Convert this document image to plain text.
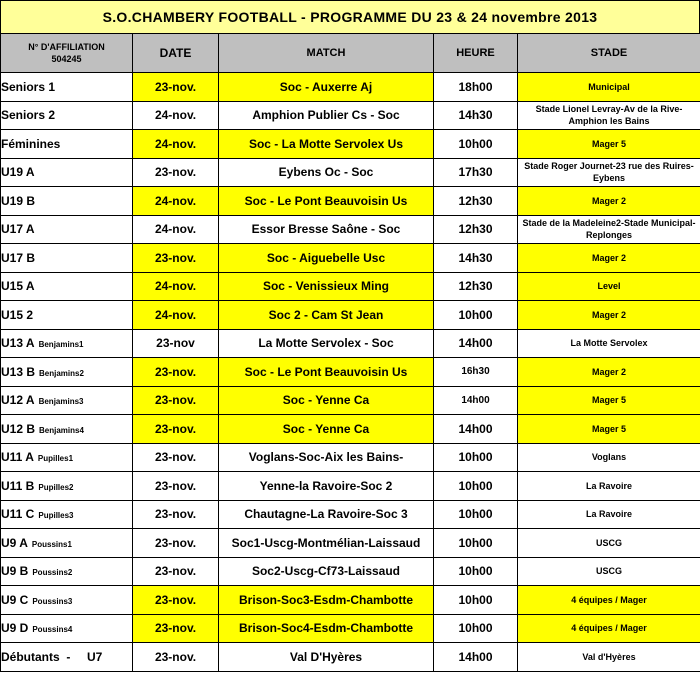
S.O.CHAMBERY FOOTBALL - PROGRAMME DU 23 & 24 novembre 2013
N° D'AFFILIATION
504245	DATE	MATCH	HEURE	STADE
Seniors 1	23-nov.	Soc - Auxerre Aj	18h00	Municipal
Seniors 2	24-nov.	Amphion Publier Cs - Soc	14h30	Stade Lionel Levray-Av de la Rive-Amphion les Bains
Féminines	24-nov.	Soc - La Motte Servolex Us	10h00	Mager 5
U19 A	23-nov.	Eybens Oc - Soc	17h30	Stade Roger Journet-23 rue des Ruires-Eybens
U19 B	24-nov.	Soc - Le Pont Beauvoisin Us	12h30	Mager 2
U17 A	24-nov.	Essor Bresse Saône - Soc	12h30	Stade de la Madeleine2-Stade Municipal-Replonges
U17 B	23-nov.	Soc - Aiguebelle Usc	14h30	Mager 2
U15 A	24-nov.	Soc - Venissieux Ming	12h30	Level
U15 2	24-nov.	Soc 2 - Cam St Jean	10h00	Mager 2
U13 A Benjamins1	23-nov	La Motte Servolex - Soc	14h00	La Motte Servolex
U13 B Benjamins2	23-nov.	Soc - Le Pont Beauvoisin Us	16h30	Mager 2
U12 A Benjamins3	23-nov.	Soc - Yenne Ca	14h00	Mager 5
U12 B Benjamins4	23-nov.	Soc - Yenne Ca	14h00	Mager 5
U11 A Pupilles1	23-nov.	Voglans-Soc-Aix les Bains-	10h00	Voglans
U11 B Pupilles2	23-nov.	Yenne-la Ravoire-Soc 2	10h00	La Ravoire
U11 C Pupilles3	23-nov.	Chautagne-La Ravoire-Soc 3	10h00	La Ravoire
U9 A Poussins1	23-nov.	Soc1-Uscg-Montmélian-Laissaud	10h00	USCG
U9 B Poussins2	23-nov.	Soc2-Uscg-Cf73-Laissaud	10h00	USCG
U9 C Poussins3	23-nov.	Brison-Soc3-Esdm-Chambotte	10h00	4 équipes / Mager
U9 D Poussins4	23-nov.	Brison-Soc4-Esdm-Chambotte	10h00	4 équipes / Mager
Débutants  -     U7	23-nov.	Val D'Hyères	14h00	Val d'Hyères
